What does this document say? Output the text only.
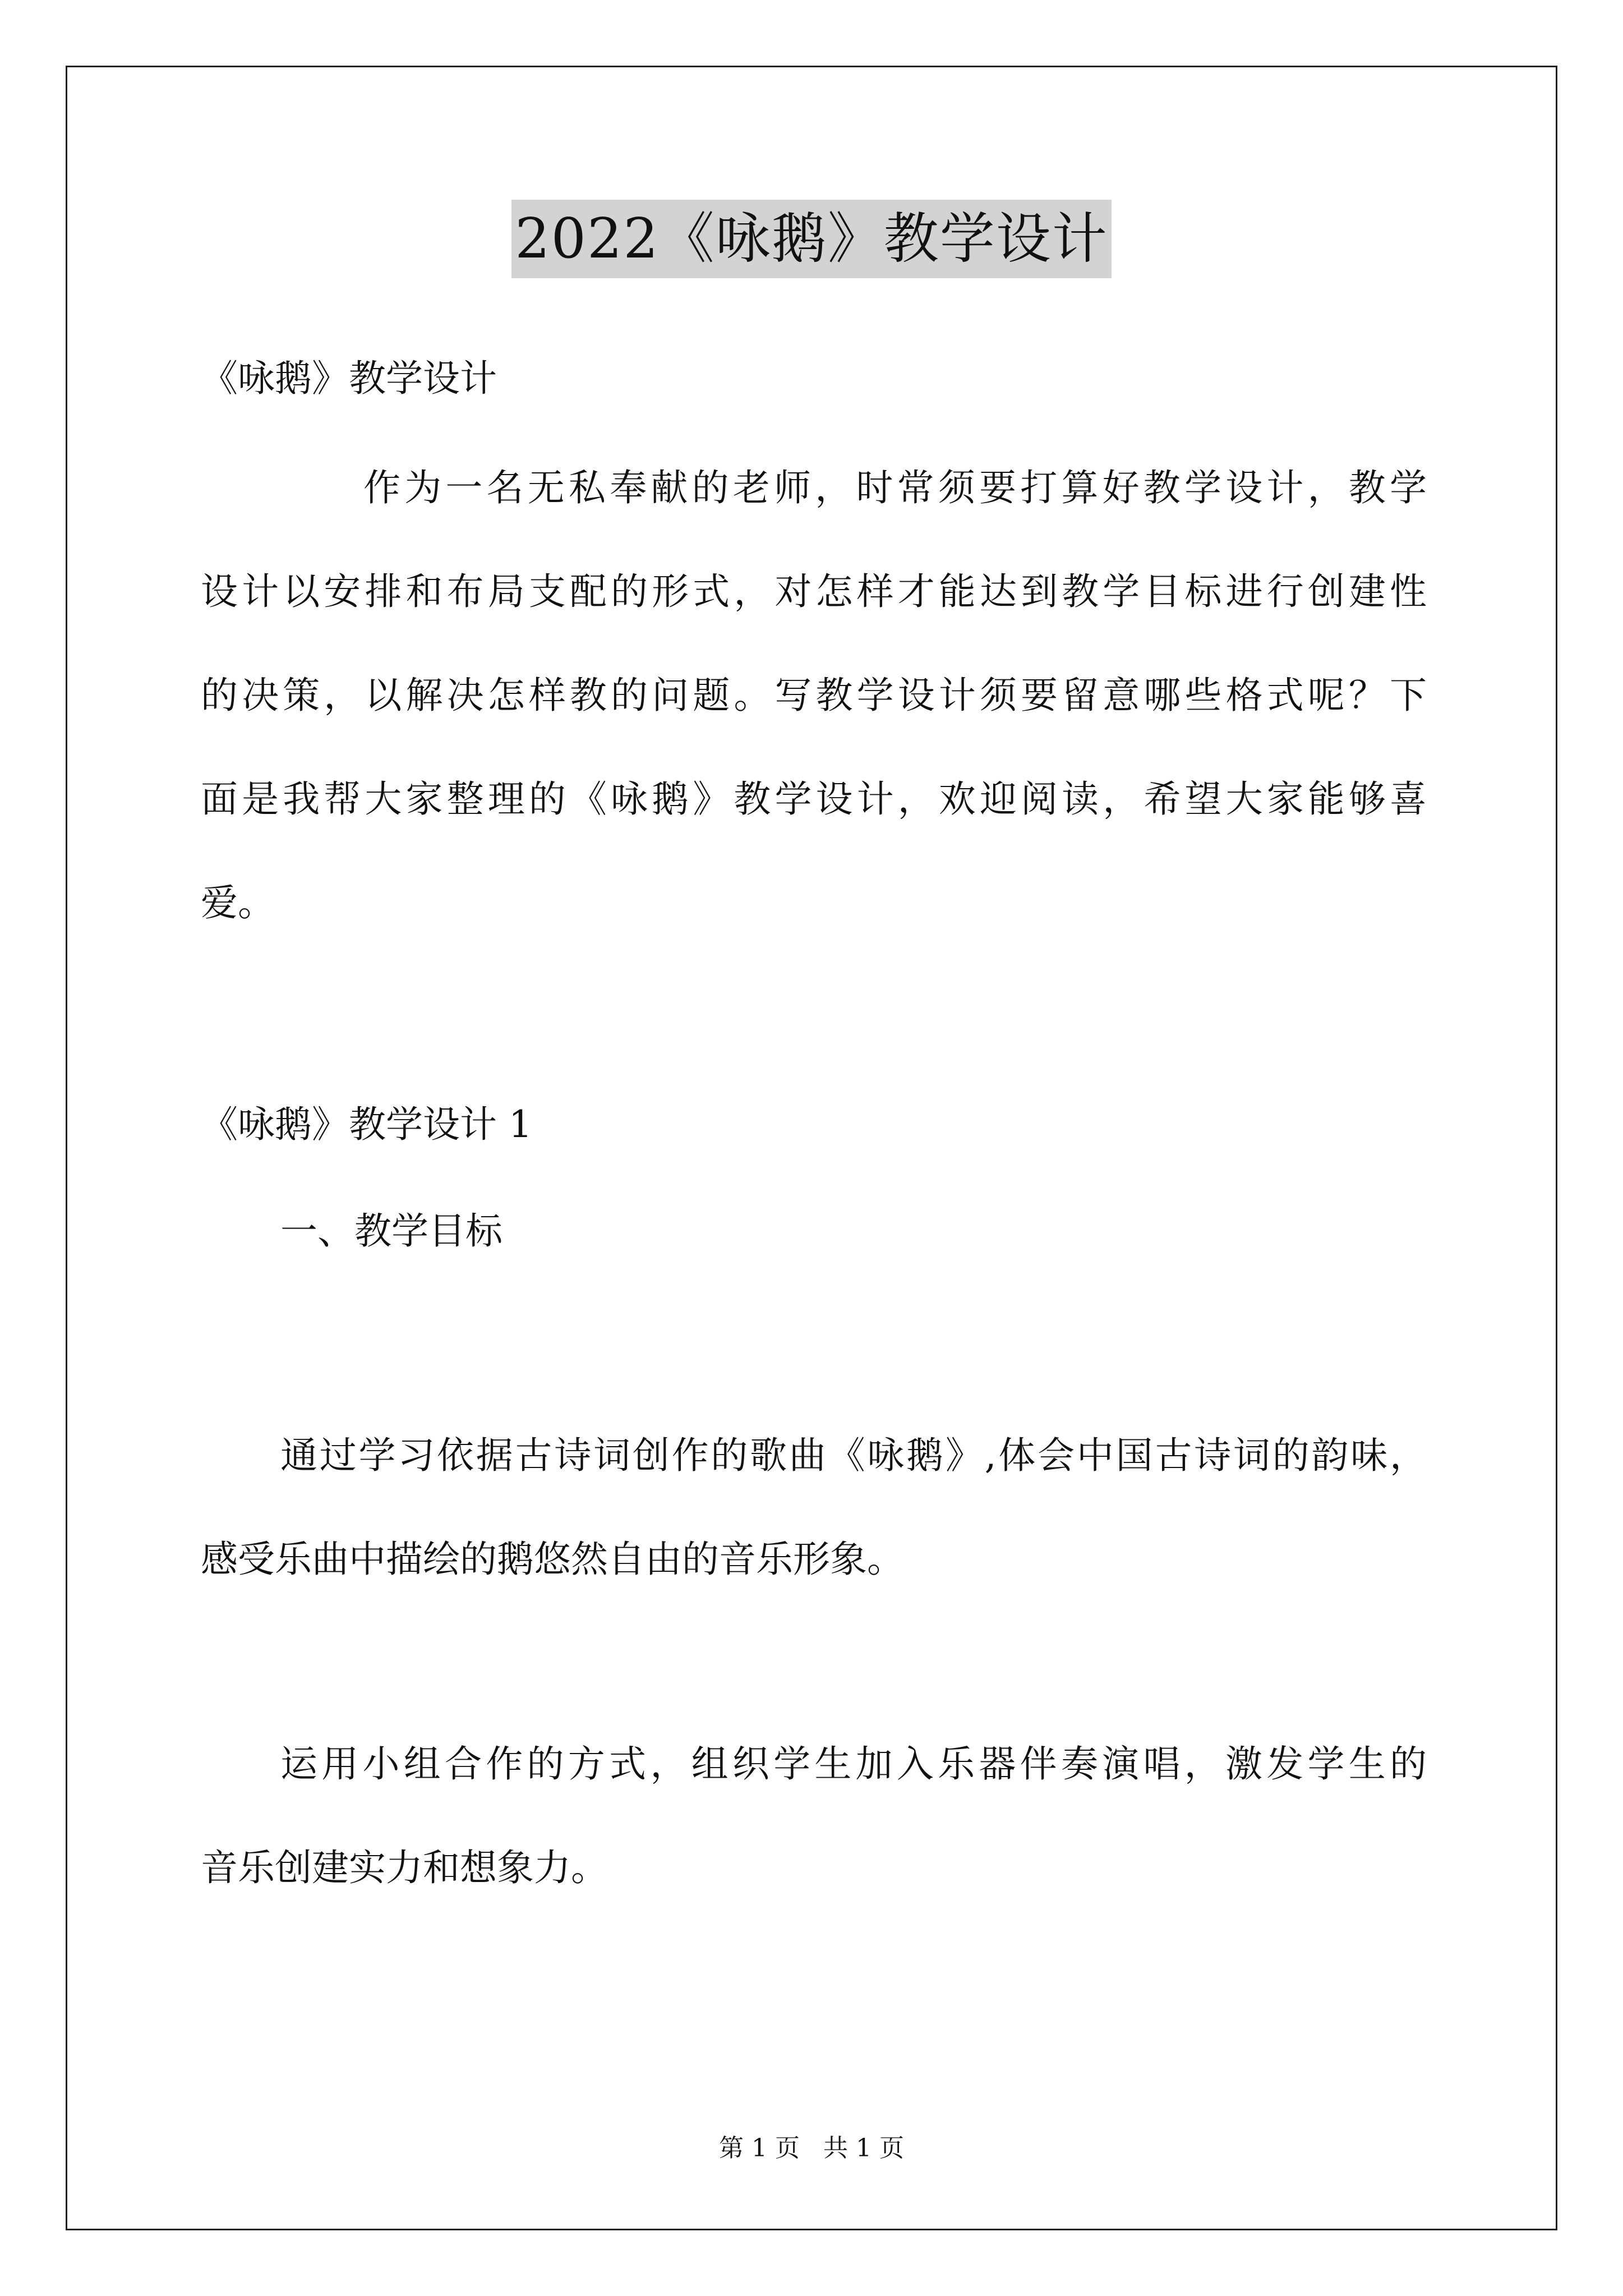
2022《咏鹅》教学设计
《咏鹅》教学设计
作为一名无私奉献的老师，时常须要打算好教学设计，教学
设计以安排和布局支配的形式，对怎样才能达到教学目标进行创建性
的决策，以解决怎样教的问题。写教学设计须要留意哪些格式呢？下
面是我帮大家整理的《咏鹅》教学设计，欢迎阅读，希望大家能够喜
爱。
《咏鹅》教学设计 1
一、教学目标
通过学习依据古诗词创作的歌曲《咏鹅》,体会中国古诗词的韵味，
感受乐曲中描绘的鹅悠然自由的音乐形象。
运用小组合作的方式，组织学生加入乐器伴奏演唱，激发学生的
音乐创建实力和想象力。
第 1 页   共 1 页
